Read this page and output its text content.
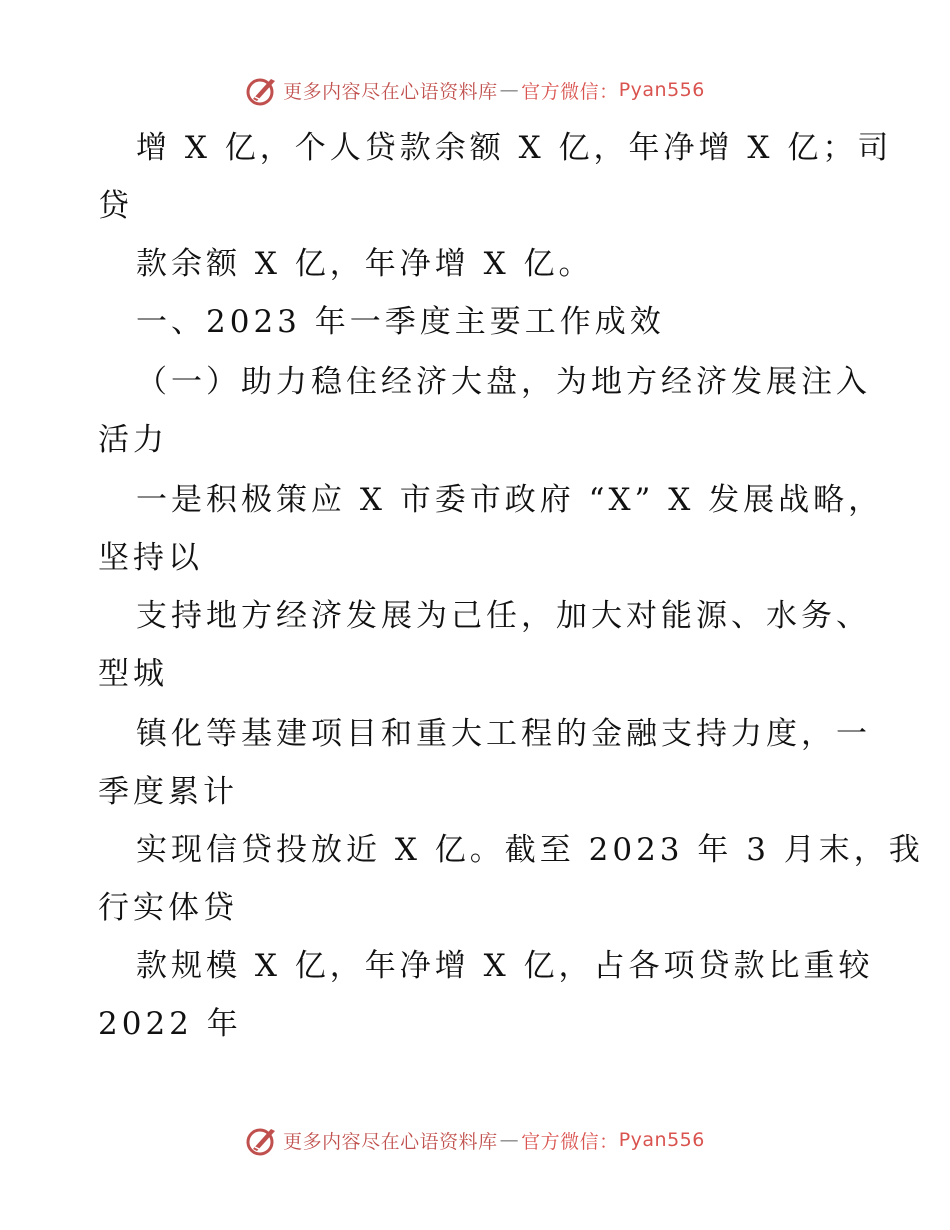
更多内容尽在心语资料库 — 官方微信： Pyan556
增 X 亿，个人贷款余额 X 亿，年净增 X 亿；司
贷
款余额 X 亿，年净增 X 亿。
一、2023 年一季度主要工作成效
（一）助力稳住经济大盘，为地方经济发展注入
活力
一是积极策应 X 市委市政府 “X” X 发展战略，
坚持以
支持地方经济发展为己任，加大对能源、水务、
型城
镇化等基建项目和重大工程的金融支持力度，一
季度累计
实现信贷投放近 X 亿。截至 2023 年 3 月末，我
行实体贷
款规模 X 亿，年净增 X 亿，占各项贷款比重较
2022 年
更多内容尽在心语资料库 — 官方微信： Pyan556
